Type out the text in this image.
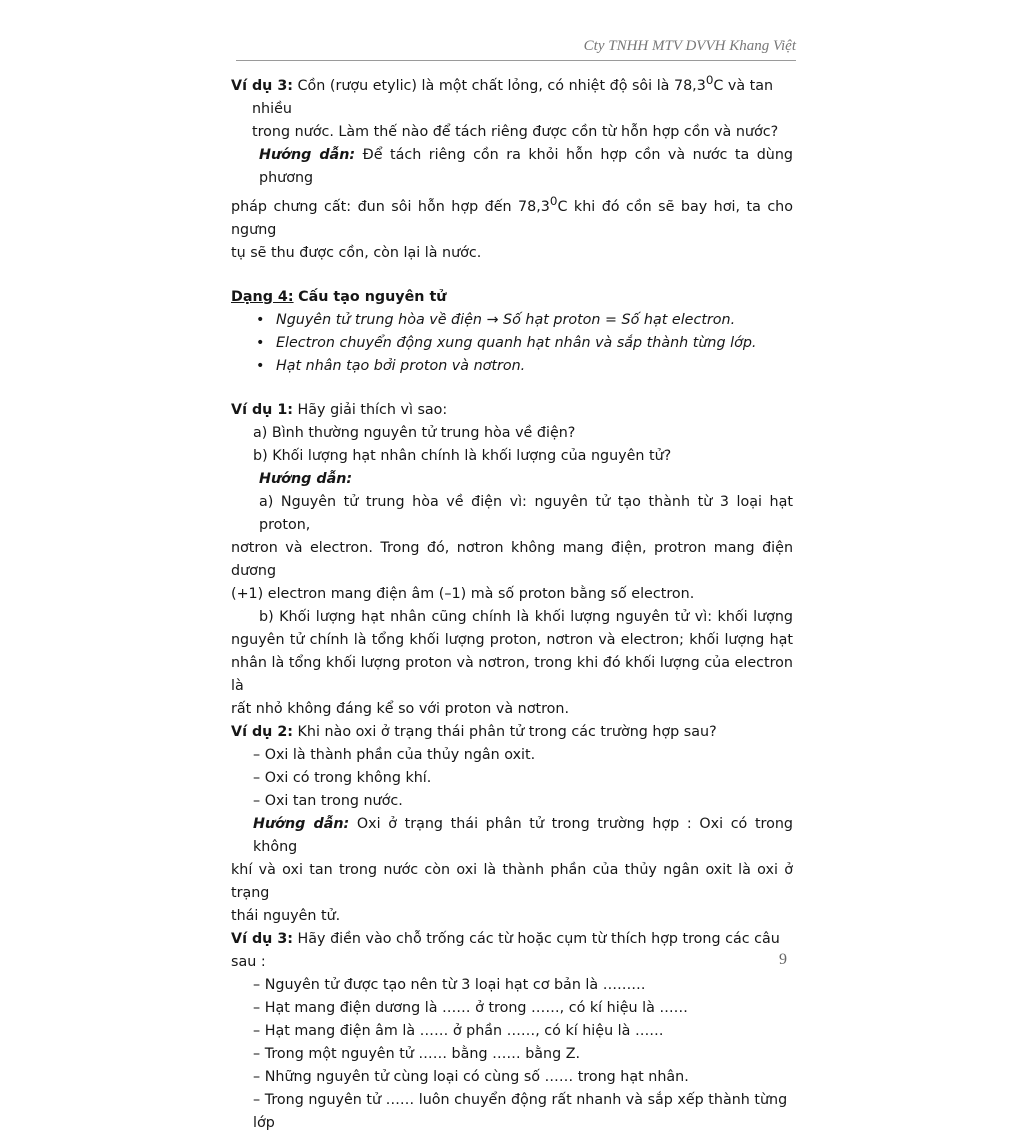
Cty TNHH MTV DVVH Khang Việt

Ví dụ 3: Cồn (rượu etylic) là một chất lỏng, có nhiệt độ sôi là 78,3$^0$C và tan nhiều
trong nước. Làm thế nào để tách riêng được cồn từ hỗn hợp cồn và nước?

Hướng dẫn: Để tách riêng cồn ra khỏi hỗn hợp cồn và nước ta dùng phương

pháp chưng cất: đun sôi hỗn hợp đến 78,3$^0$C khi đó cồn sẽ bay hơi, ta cho ngưng

tụ sẽ thu được cồn, còn lại là nước.

Dạng 4: Cấu tạo nguyên tử

• Nguyên tử trung hòa về điện → Số hạt proton = Số hạt electron.
• Electron chuyển động xung quanh hạt nhân và sắp thành từng lớp.
• Hạt nhân tạo bởi proton và nơtron.

Ví dụ 1: Hãy giải thích vì sao:

a) Bình thường nguyên tử trung hòa về điện?

b) Khối lượng hạt nhân chính là khối lượng của nguyên tử?

Hướng dẫn:

a) Nguyên tử trung hòa về điện vì: nguyên tử tạo thành từ 3 loại hạt proton,

nơtron và electron. Trong đó, nơtron không mang điện, protron mang điện dương

(+1) electron mang điện âm (–1) mà số proton bằng số electron.

b) Khối lượng hạt nhân cũng chính là khối lượng nguyên tử vì: khối lượng

nguyên tử chính là tổng khối lượng proton, nơtron và electron; khối lượng hạt

nhân là tổng khối lượng proton và nơtron, trong khi đó khối lượng của electron là

rất nhỏ không đáng kể so với proton và nơtron.

Ví dụ 2: Khi nào oxi ở trạng thái phân tử trong các trường hợp sau?

– Oxi là thành phần của thủy ngân oxit.

– Oxi có trong không khí.

– Oxi tan trong nước.

Hướng dẫn: Oxi ở trạng thái phân tử trong trường hợp : Oxi có trong không

khí và oxi tan trong nước còn oxi là thành phần của thủy ngân oxit là oxi ở trạng

thái nguyên tử.

Ví dụ 3: Hãy điền vào chỗ trống các từ hoặc cụm từ thích hợp trong các câu sau :

– Nguyên tử được tạo nên từ 3 loại hạt cơ bản là ………

– Hạt mang điện dương là …… ở trong ……, có kí hiệu là ……

– Hạt mang điện âm là …… ở phần ……, có kí hiệu là ……

– Trong một nguyên tử …… bằng …… bằng Z.

– Những nguyên tử cùng loại có cùng số …… trong hạt nhân.

– Trong nguyên tử …… luôn chuyển động rất nhanh và sắp xếp thành từng lớp

9
